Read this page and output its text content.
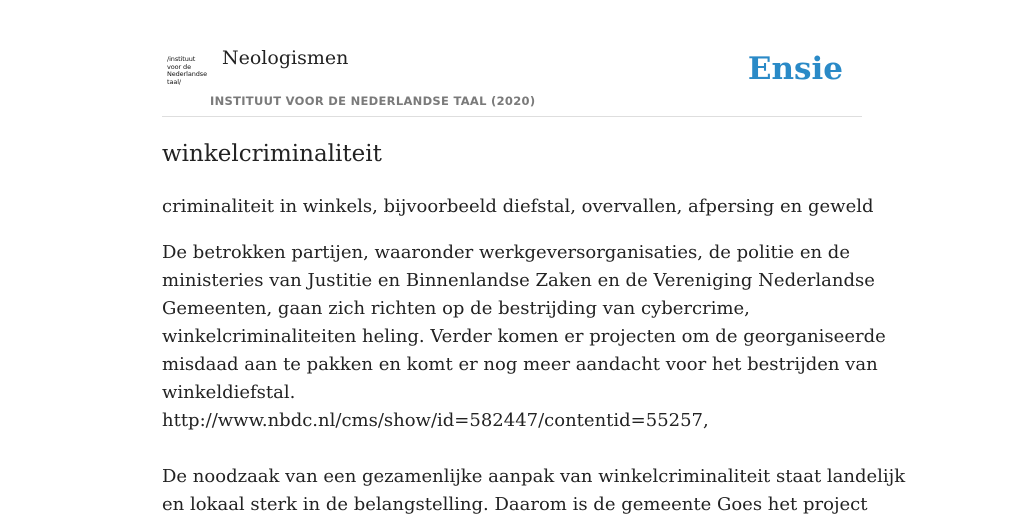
/instituut
voor de
Nederlandse
taal/
Neologismen
INSTITUUT VOOR DE NEDERLANDSE TAAL (2020)
Ensie
winkelcriminaliteit
criminaliteit in winkels, bijvoorbeeld diefstal, overvallen, afpersing en geweld

De betrokken partijen, waaronder werkgeversorganisaties, de politie en de

ministeries van Justitie en Binnenlandse Zaken en de Vereniging Nederlandse

Gemeenten, gaan zich richten op de bestrijding van cybercrime,

winkelcriminaliteiten heling. Verder komen er projecten om de georganiseerde

misdaad aan te pakken en komt er nog meer aandacht voor het bestrijden van

winkeldiefstal.

http://www.nbdc.nl/cms/show/id=582447/contentid=55257,

De noodzaak van een gezamenlijke aanpak van winkelcriminaliteit staat landelijk

en lokaal sterk in de belangstelling. Daarom is de gemeente Goes het project
